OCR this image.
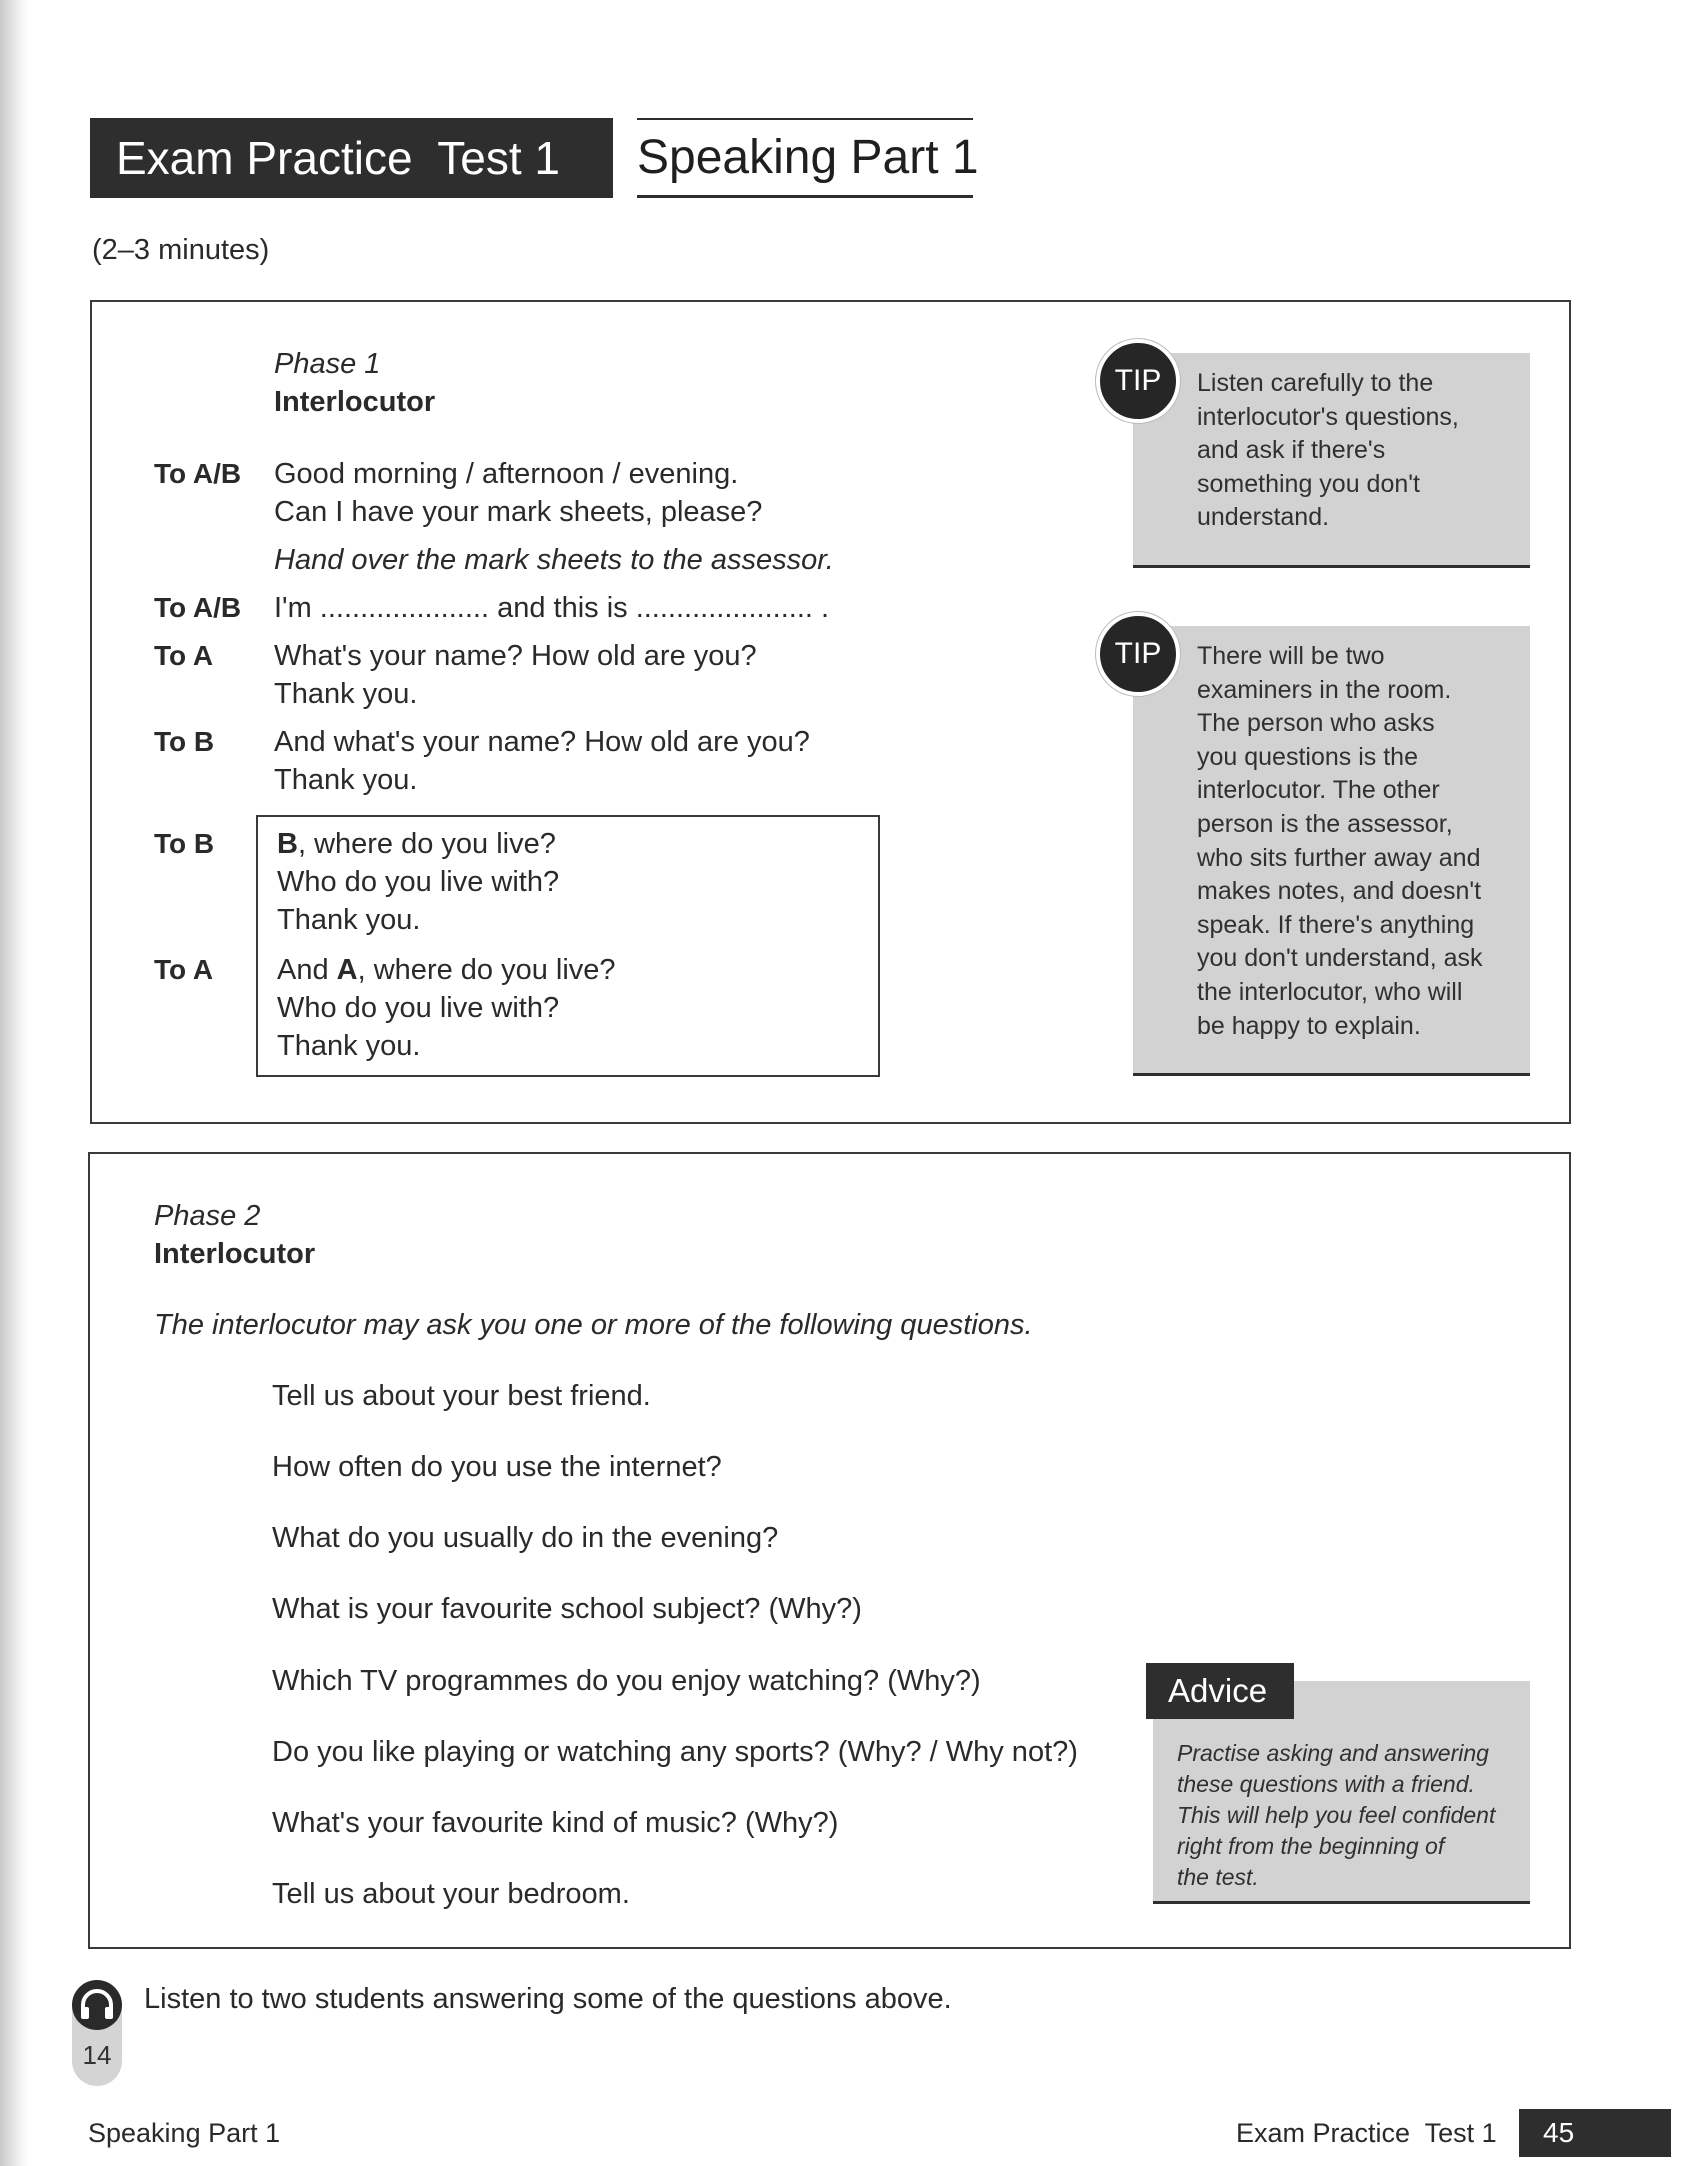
Exam Practice  Test 1	Speaking Part 1
(2–3 minutes)
Phase 1
Interlocutor
To A/B Good morning / afternoon / evening.
Can I have your mark sheets, please?
Hand over the mark sheets to the assessor.
To A/B I'm ..................... and this is ...................... .
To A What's your name? How old are you?
Thank you.
To B And what's your name? How old are you?
Thank you.
To B B, where do you live?
Who do you live with?
Thank you.
To A And A, where do you live?
Who do you live with?
Thank you.
Listen carefully to the
interlocutor's questions,
and ask if there's
something you don't
understand.
TIP
There will be two
examiners in the room.
The person who asks
you questions is the
interlocutor. The other
person is the assessor,
who sits further away and
makes notes, and doesn't
speak. If there's anything
you don't understand, ask
the interlocutor, who will
be happy to explain.
TIP
Phase 2
Interlocutor
The interlocutor may ask you one or more of the following questions.
Tell us about your best friend.
How often do you use the internet?
What do you usually do in the evening?
What is your favourite school subject? (Why?)
Which TV programmes do you enjoy watching? (Why?)
Do you like playing or watching any sports? (Why? / Why not?)
What's your favourite kind of music? (Why?)
Tell us about your bedroom.
Practise asking and answering
these questions with a friend.
This will help you feel confident
right from the beginning of
the test.
Advice
14
Listen to two students answering some of the questions above.
Speaking Part 1	Exam Practice  Test 1	45
